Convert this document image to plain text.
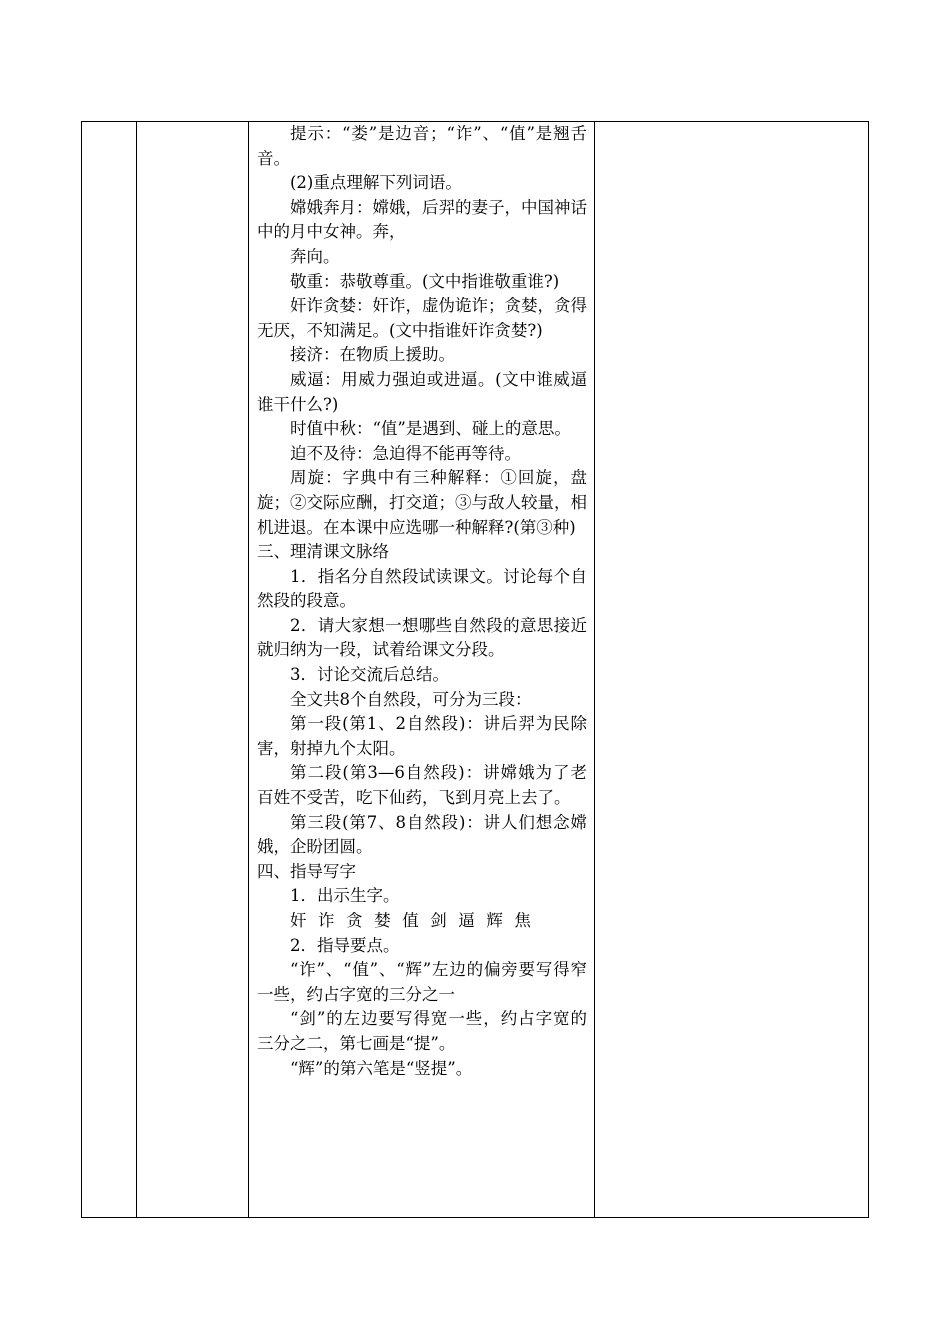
提示：“娄”是边音；“诈”、“值”是翘舌音。

(2)重点理解下列词语。

嫦娥奔月：嫦娥，后羿的妻子，中国神话中的月中女神。奔，

奔向。

敬重：恭敬尊重。(文中指谁敬重谁?)

奸诈贪婪：奸诈，虚伪诡诈；贪婪，贪得无厌，不知满足。(文中指谁奸诈贪婪?)

接济：在物质上援助。

威逼：用威力强迫或进逼。(文中谁威逼谁干什么?)

时值中秋：“值”是遇到、碰上的意思。

迫不及待：急迫得不能再等待。

周旋：字典中有三种解释：①回旋，盘旋；②交际应酬，打交道；③与敌人较量，相机进退。在本课中应选哪一种解释?(第③种)

三、理清课文脉络

1．指名分自然段试读课文。讨论每个自然段的段意。

2．请大家想一想哪些自然段的意思接近就归纳为一段，试着给课文分段。

3．讨论交流后总结。

全文共8个自然段，可分为三段：

第一段(第1、2自然段)：讲后羿为民除害，射掉九个太阳。

第二段(第3—6自然段)：讲嫦娥为了老百姓不受苦，吃下仙药，飞到月亮上去了。

第三段(第7、8自然段)：讲人们想念嫦娥，企盼团圆。

四、指导写字

1．出示生字。

奸诈贪婪值剑逼辉焦

2．指导要点。

“诈”、“值”、“辉”左边的偏旁要写得窄一些，约占字宽的三分之一

“剑”的左边要写得宽一些，约占字宽的三分之二，第七画是“提”。

“辉”的第六笔是“竖提”。
